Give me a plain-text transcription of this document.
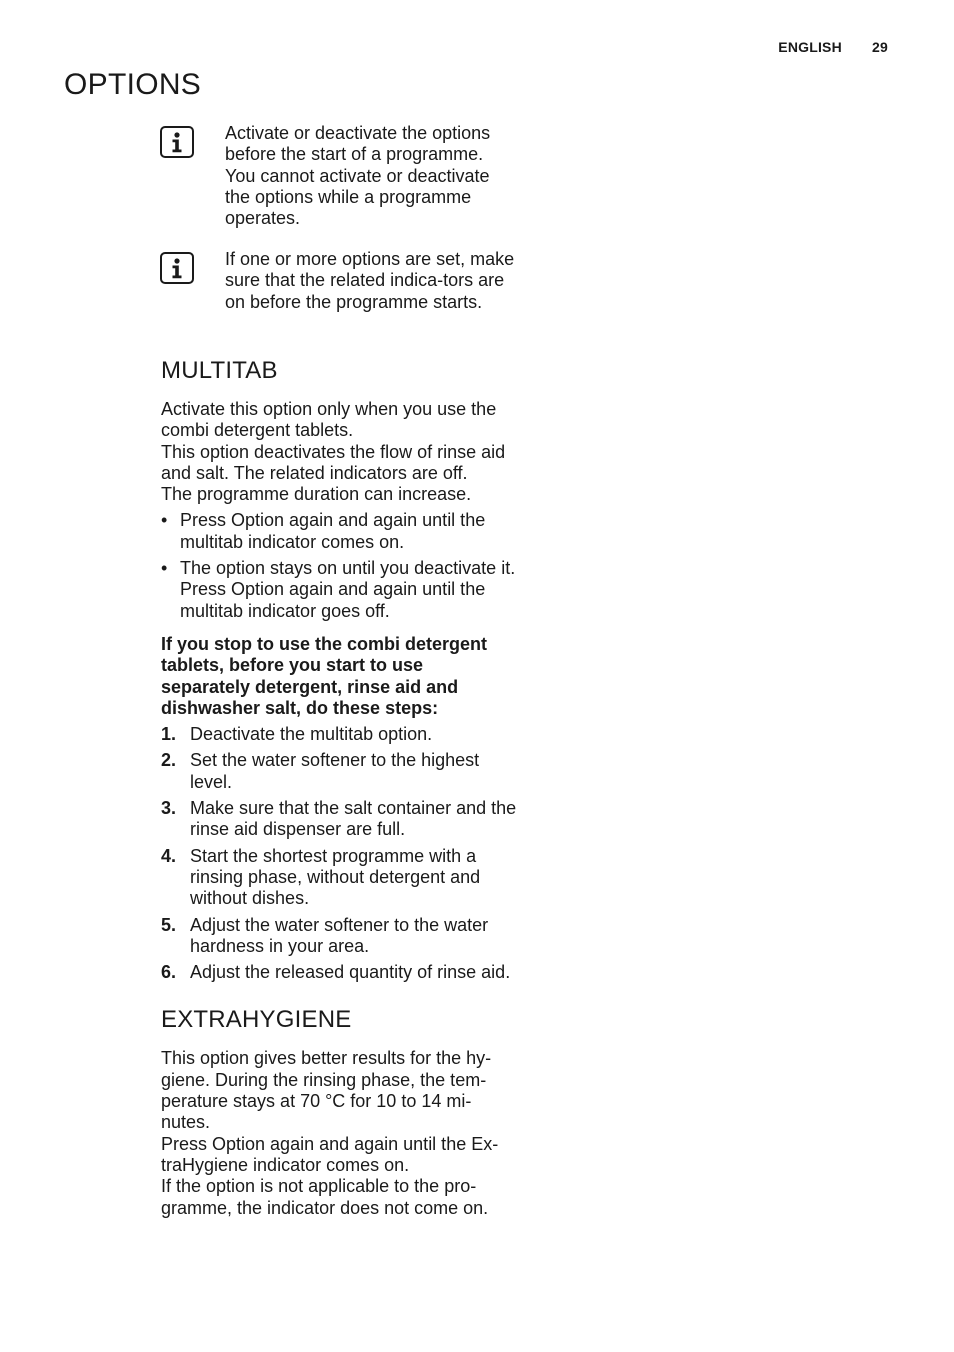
ENGLISH 29
OPTIONS

Activate or deactivate the options before the start of a programme. You cannot activate or deactivate the options while a programme operates.

If one or more options are set, make sure that the related indica-tors are on before the programme starts.

MULTITAB

Activate this option only when you use the combi detergent tablets.

This option deactivates the flow of rinse aid and salt. The related indicators are off.

The programme duration can increase.

• Press Option again and again until the multitab indicator comes on.
• The option stays on until you deactivate it. Press Option again and again until the multitab indicator goes off.

If you stop to use the combi detergent tablets, before you start to use separately detergent, rinse aid and dishwasher salt, do these steps:

1. Deactivate the multitab option.
2. Set the water softener to the highest level.
3. Make sure that the salt container and the rinse aid dispenser are full.
4. Start the shortest programme with a rinsing phase, without detergent and without dishes.
5. Adjust the water softener to the water hardness in your area.
6. Adjust the released quantity of rinse aid.
EXTRAHYGIENE

This option gives better results for the hy-giene. During the rinsing phase, the tem-perature stays at 70 °C for 10 to 14 mi-nutes.

Press Option again and again until the Ex-traHygiene indicator comes on.

If the option is not applicable to the pro-gramme, the indicator does not come on.
